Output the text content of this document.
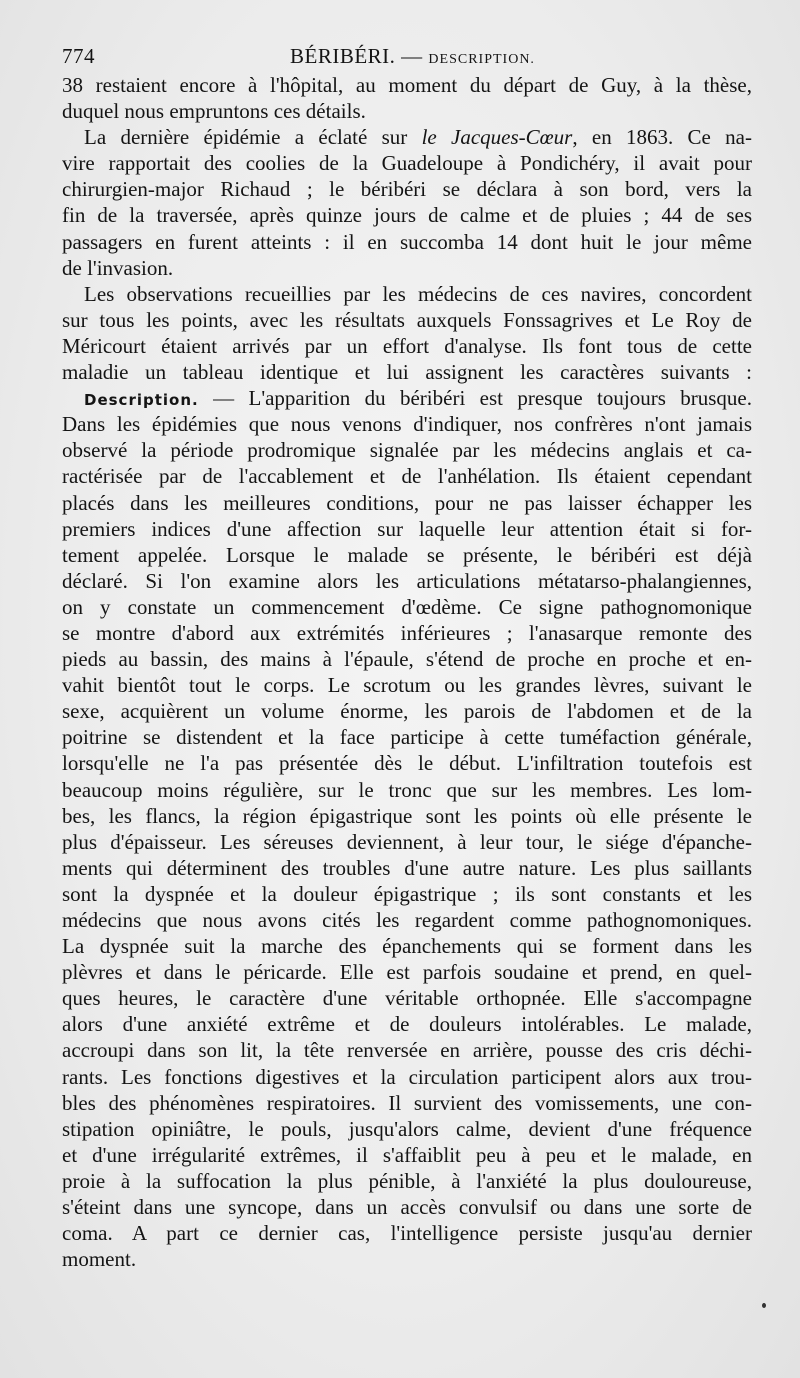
774	BÉRIBÉRI. — DESCRIPTION.
38 restaient encore à l'hôpital, au moment du départ de Guy, à la thèse,
duquel nous empruntons ces détails.
La dernière épidémie a éclaté sur le Jacques-Cœur, en 1863. Ce na-
vire rapportait des coolies de la Guadeloupe à Pondichéry, il avait pour
chirurgien-major Richaud ; le béribéri se déclara à son bord, vers la
fin de la traversée, après quinze jours de calme et de pluies ; 44 de ses
passagers en furent atteints : il en succomba 14 dont huit le jour même
de l'invasion.
Les observations recueillies par les médecins de ces navires, concordent
sur tous les points, avec les résultats auxquels Fonssagrives et Le Roy de
Méricourt étaient arrivés par un effort d'analyse. Ils font tous de cette
maladie un tableau identique et lui assignent les caractères suivants :
Description. — L'apparition du béribéri est presque toujours brusque.
Dans les épidémies que nous venons d'indiquer, nos confrères n'ont jamais
observé la période prodromique signalée par les médecins anglais et ca-
ractérisée par de l'accablement et de l'anhélation. Ils étaient cependant
placés dans les meilleures conditions, pour ne pas laisser échapper les
premiers indices d'une affection sur laquelle leur attention était si for-
tement appelée. Lorsque le malade se présente, le béribéri est déjà
déclaré. Si l'on examine alors les articulations métatarso-phalangiennes,
on y constate un commencement d'œdème. Ce signe pathognomonique
se montre d'abord aux extrémités inférieures ; l'anasarque remonte des
pieds au bassin, des mains à l'épaule, s'étend de proche en proche et en-
vahit bientôt tout le corps. Le scrotum ou les grandes lèvres, suivant le
sexe, acquièrent un volume énorme, les parois de l'abdomen et de la
poitrine se distendent et la face participe à cette tuméfaction générale,
lorsqu'elle ne l'a pas présentée dès le début. L'infiltration toutefois est
beaucoup moins régulière, sur le tronc que sur les membres. Les lom-
bes, les flancs, la région épigastrique sont les points où elle présente le
plus d'épaisseur. Les séreuses deviennent, à leur tour, le siége d'épanche-
ments qui déterminent des troubles d'une autre nature. Les plus saillants
sont la dyspnée et la douleur épigastrique ; ils sont constants et les
médecins que nous avons cités les regardent comme pathognomoniques.
La dyspnée suit la marche des épanchements qui se forment dans les
plèvres et dans le péricarde. Elle est parfois soudaine et prend, en quel-
ques heures, le caractère d'une véritable orthopnée. Elle s'accompagne
alors d'une anxiété extrême et de douleurs intolérables. Le malade,
accroupi dans son lit, la tête renversée en arrière, pousse des cris déchi-
rants. Les fonctions digestives et la circulation participent alors aux trou-
bles des phénomènes respiratoires. Il survient des vomissements, une con-
stipation opiniâtre, le pouls, jusqu'alors calme, devient d'une fréquence
et d'une irrégularité extrêmes, il s'affaiblit peu à peu et le malade, en
proie à la suffocation la plus pénible, à l'anxiété la plus douloureuse,
s'éteint dans une syncope, dans un accès convulsif ou dans une sorte de
coma. A part ce dernier cas, l'intelligence persiste jusqu'au dernier
moment.
